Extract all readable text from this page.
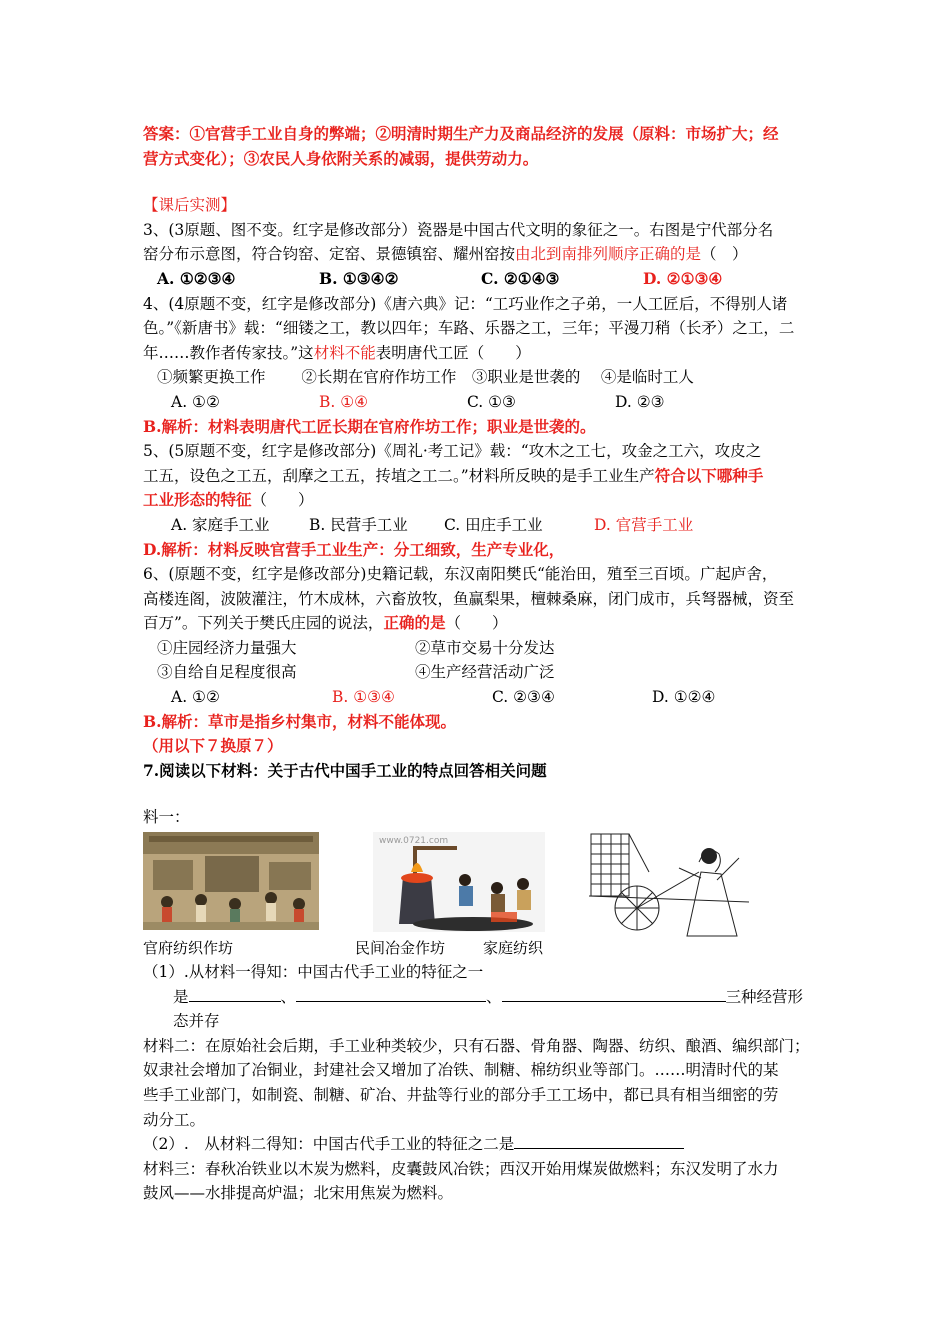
答案：①官营手工业自身的弊端；②明清时期生产力及商品经济的发展（原料：市场扩大；经
营方式变化）；③农民人身依附关系的减弱，提供劳动力。
【课后实测】
3、(3原题、图不变。红字是修改部分）瓷器是中国古代文明的象征之一。右图是宁代部分名
窑分布示意图，符合钧窑、定窑、景德镇窑、耀州窑按由北到南排列顺序正确的是（　）
A. ①②③④	B. ①③④②	C. ②①④③	D. ②①③④
4、(4原题不变，红字是修改部分)《唐六典》记：“工巧业作之子弟，一人工匠后，不得别人诸
色。”《新唐书》载：“细镂之工，教以四年；车路、乐器之工，三年；平漫刀稍（长矛）之工，二
年……教作者传家技。”这材料不能表明唐代工匠（　　）
①频繁更换工作　　 ②长期在官府作坊工作　③职业是世袭的　 ④是临时工人
A. ①②	B. ①④	C. ①③	D. ②③
B.解析：材料表明唐代工匠长期在官府作坊工作；职业是世袭的。
5、(5原题不变，红字是修改部分)《周礼·考工记》载：“攻木之工七，攻金之工六，攻皮之
工五，设色之工五，刮摩之工五，抟埴之工二。”材料所反映的是手工业生产符合以下哪种手
工业形态的特征（　　）
A. 家庭手工业	B. 民营手工业	C. 田庄手工业	D. 官营手工业
D.解析：材料反映官营手工业生产：分工细致，生产专业化，
6、(原题不变，红字是修改部分)史籍记载，东汉南阳樊氏“能治田，殖至三百顷。广起庐舍，
高楼连阁，波陂灌注，竹木成林，六畜放牧，鱼赢梨果，檀棘桑麻，闭门成市，兵弩器械，资至
百万”。下列关于樊氏庄园的说法，正确的是（　　）
①庄园经济力量强大	②草市交易十分发达
③自给自足程度很高	④生产经营活动广泛
A. ①②	B. ①③④	C. ②③④	D. ①②④
B.解析：草市是指乡村集市，材料不能体现。
（用以下７换原７）
7.阅读以下材料：关于古代中国手工业的特点回答相关问题
料一：
www.0721.com
官府纺织作坊	民间冶金作坊	家庭纺织
（1）.从材料一得知：中国古代手工业的特征之一
是	、	、	三种经营形
态并存
材料二：在原始社会后期，手工业种类较少，只有石器、骨角器、陶器、纺织、酿酒、编织部门；
奴隶社会增加了冶铜业，封建社会又增加了冶铁、制糖、棉纺织业等部门。……明清时代的某
些手工业部门，如制瓷、制糖、矿冶、井盐等行业的部分手工工场中，都已具有相当细密的劳
动分工。
（2）.　从材料二得知：中国古代手工业的特征之二是
材料三：春秋冶铁业以木炭为燃料，皮囊鼓风冶铁；西汉开始用煤炭做燃料；东汉发明了水力
鼓风——水排提高炉温；北宋用焦炭为燃料。
